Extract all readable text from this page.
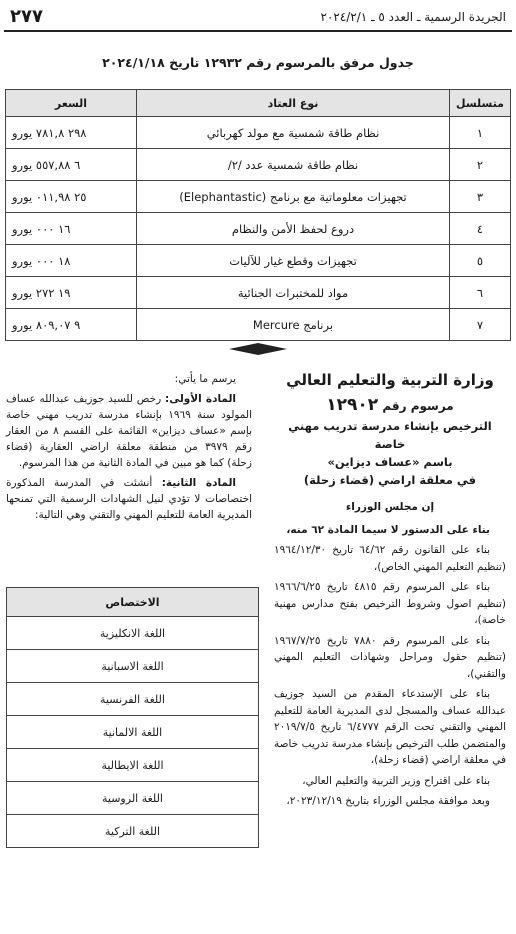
الجريدة الرسمية ـ العدد ٥ ـ ٢٠٢٤/٢/١
٢٧٧
جدول مرفق بالمرسوم رقم ١٢٩٣٢ تاريخ ٢٠٢٤/١/١٨
متسلسل	نوع العتاد	السعر
١	نظام طاقة شمسية مع مولد كهربائي	٢٩٨ ٧٨١,٨ يورو
٢	نظام طاقة شمسية عدد /٢/	٦ ٥٥٧,٨٨ يورو
٣	تجهيزات معلوماتية مع برنامج (Elephantastic)	٢٥ ٠١١,٩٨ يورو
٤	دروع لحفظ الأمن والنظام	١٦ ٠٠٠ يورو
٥	تجهيزات وقطع غيار للآليات	١٨ ٠٠٠ يورو
٦	مواد للمختبرات الجنائية	١٩ ٢٧٢ يورو
٧	برنامج Mercure	٩ ٨٠٩,٠٧ يورو
وزارة التربية والتعليم العالي
مرسوم رقم ١٢٩٠٢
الترخيص بإنشاء مدرسة تدريب مهني خاصة
باسم «عساف ديزاين»
في معلقة اراضي (قضاء زحلة)
إن مجلس الوزراء

بناء على الدستور لا سيما المادة ٦٢ منه،

بناء على القانون رقم ٦٤/٦٢ تاريخ ١٩٦٤/١٢/٣٠ (تنظيم التعليم المهني الخاص)،

بناء على المرسوم رقم ٤٨١٥ تاريخ ١٩٦٦/٦/٢٥ (تنظيم اصول وشروط الترخيص بفتح مدارس مهنية خاصة)،

بناء على المرسوم رقم ٧٨٨٠ تاريخ ١٩٦٧/٧/٢٥ (تنظيم حقول ومراحل وشهادات التعليم المهني والتقني)،

بناء على الإستدعاء المقدم من السيد جوزيف عبدالله عساف والمسجل لدى المديرية العامة للتعليم المهني والتقني تحت الرقم ٦/٤٧٧٧ تاريخ ٢٠١٩/٧/٥ والمتضمن طلب الترخيص بإنشاء مدرسة تدريب خاصة في معلقة اراضي (قضاء زحلة)،

بناء على اقتراح وزير التربية والتعليم العالي،

وبعد موافقة مجلس الوزراء بتاريخ ٢٠٢٣/١٢/١٩،

يرسم ما يأتي:

المادة الأولى: رخص للسيد جوزيف عبدالله عساف المولود سنة ١٩٦٩ بإنشاء مدرسة تدريب مهني خاصة بإسم «عساف ديزاين» القائمة على القسم ٨ من العقار رقم ٣٩٧٩ من منطقة معلقة اراضي العقارية (قضاء زحلة) كما هو مبين في المادة الثانية من هذا المرسوم.

المادة الثانية: أنشئت في المدرسة المذكورة اختصاصات لا تؤدي لنيل الشهادات الرسمية التي تمنحها المديرية العامة للتعليم المهني والتقني وهي التالية:

الاختصاص
اللغة الانكليزية
اللغة الاسبانية
اللغة الفرنسية
اللغة الالمانية
اللغة الايطالية
اللغة الروسية
اللغة التركية
